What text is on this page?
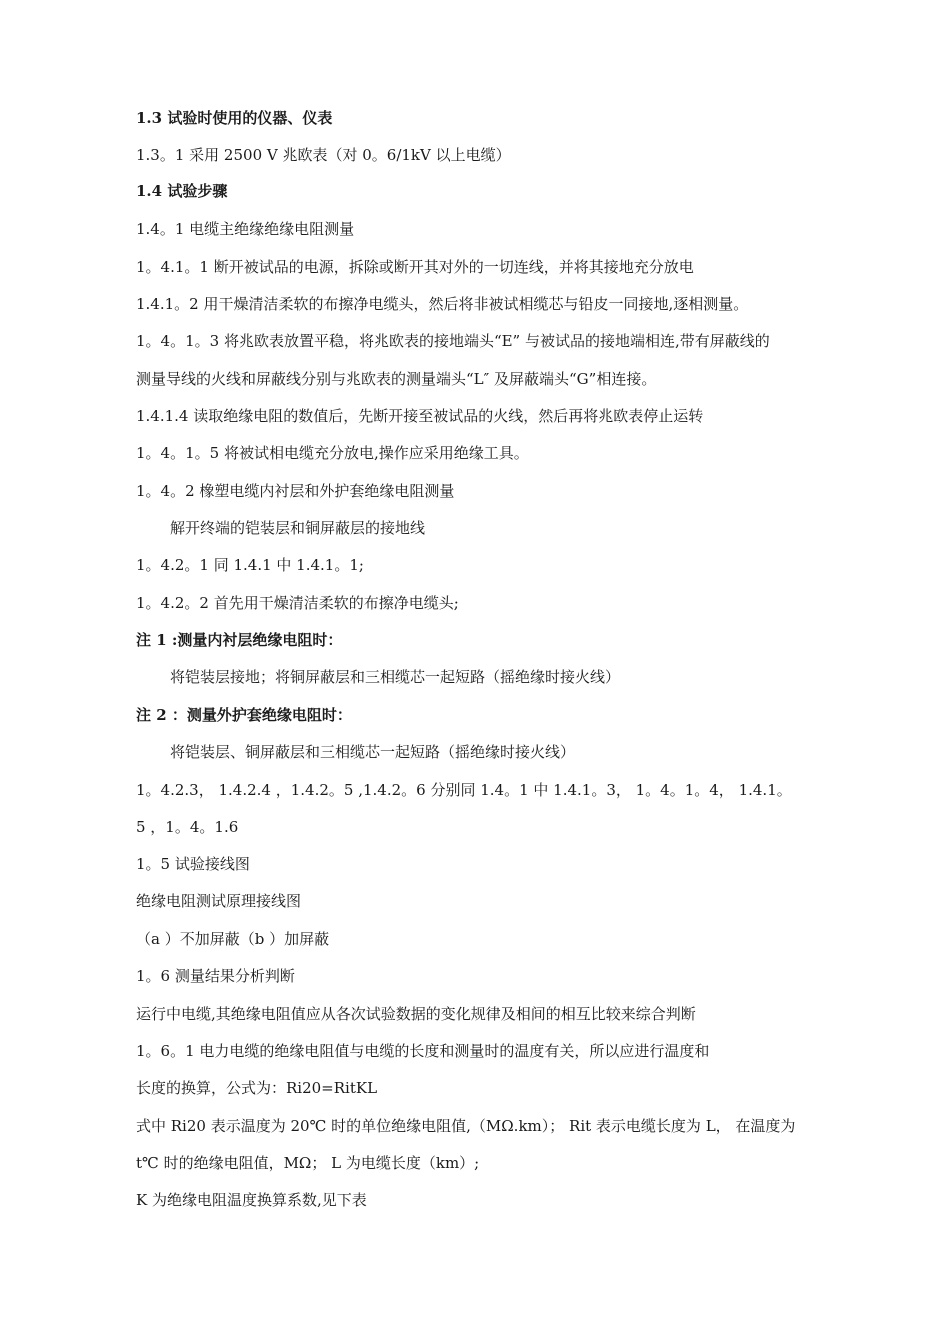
1.3 试验时使用的仪器、仪表
1.3。1 采用 2500 V 兆欧表（对 0。6/1kV 以上电缆）
1.4 试验步骤
1.4。1 电缆主绝缘绝缘电阻测量
1。4.1。1 断开被试品的电源，拆除或断开其对外的一切连线，并将其接地充分放电
1.4.1。2 用干燥清洁柔软的布擦净电缆头，然后将非被试相缆芯与铅皮一同接地,逐相测量。
1。4。1。3 将兆欧表放置平稳，将兆欧表的接地端头“E” 与被试品的接地端相连,带有屏蔽线的
测量导线的火线和屏蔽线分别与兆欧表的测量端头“L″ 及屏蔽端头“G”相连接。
1.4.1.4 读取绝缘电阻的数值后，先断开接至被试品的火线，然后再将兆欧表停止运转
1。4。1。5 将被试相电缆充分放电,操作应采用绝缘工具。
1。4。2 橡塑电缆内衬层和外护套绝缘电阻测量
解开终端的铠装层和铜屏蔽层的接地线
1。4.2。1 同 1.4.1 中 1.4.1。1;
1。4.2。2 首先用干燥清洁柔软的布擦净电缆头;
注 1 :测量内衬层绝缘电阻时：
将铠装层接地；将铜屏蔽层和三相缆芯一起短路（摇绝缘时接火线）
注 2 ：测量外护套绝缘电阻时：
将铠装层、铜屏蔽层和三相缆芯一起短路（摇绝缘时接火线）
1。4.2.3， 1.4.2.4 ，1.4.2。5 ,1.4.2。6 分别同 1.4。1 中 1.4.1。3， 1。4。1。4， 1.4.1。
5 ，1。4。1.6
1。5 试验接线图
绝缘电阻测试原理接线图
（a ）不加屏蔽（b ）加屏蔽
1。6 测量结果分析判断
运行中电缆,其绝缘电阻值应从各次试验数据的变化规律及相间的相互比较来综合判断
1。6。1 电力电缆的绝缘电阻值与电缆的长度和测量时的温度有关，所以应进行温度和
长度的换算，公式为：Ri20=RitKL
式中 Ri20 表示温度为 20℃ 时的单位绝缘电阻值,（MΩ.km）； Rit 表示电缆长度为 L， 在温度为
t℃ 时的绝缘电阻值，MΩ； L 为电缆长度（km）;
K 为绝缘电阻温度换算系数,见下表
